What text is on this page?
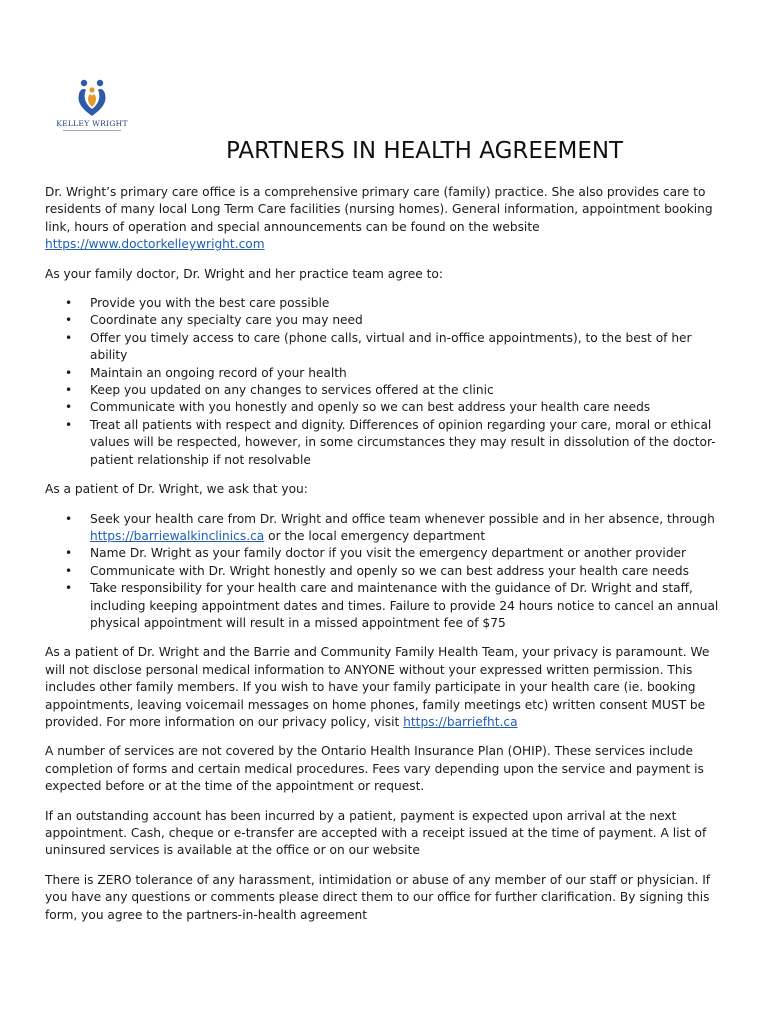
KELLEY WRIGHT
PARTNERS IN HEALTH AGREEMENT

Dr. Wright’s primary care office is a comprehensive primary care (family) practice. She also provides care to residents of many local Long Term Care facilities (nursing homes). General information, appointment booking link, hours of operation and special announcements can be found on the website https://www.doctorkelleywright.com

As your family doctor, Dr. Wright and her practice team agree to:

• Provide you with the best care possible
• Coordinate any specialty care you may need
• Offer you timely access to care (phone calls, virtual and in-office appointments), to the best of her ability
• Maintain an ongoing record of your health
• Keep you updated on any changes to services offered at the clinic
• Communicate with you honestly and openly so we can best address your health care needs
• Treat all patients with respect and dignity. Differences of opinion regarding your care, moral or ethical values will be respected, however, in some circumstances they may result in dissolution of the doctor-patient relationship if not resolvable

As a patient of Dr. Wright, we ask that you:

• Seek your health care from Dr. Wright and office team whenever possible and in her absence, through https://barriewalkinclinics.ca or the local emergency department
• Name Dr. Wright as your family doctor if you visit the emergency department or another provider
• Communicate with Dr. Wright honestly and openly so we can best address your health care needs
• Take responsibility for your health care and maintenance with the guidance of Dr. Wright and staff, including keeping appointment dates and times. Failure to provide 24 hours notice to cancel an annual physical appointment will result in a missed appointment fee of $75

As a patient of Dr. Wright and the Barrie and Community Family Health Team, your privacy is paramount. We will not disclose personal medical information to ANYONE without your expressed written permission. This includes other family members. If you wish to have your family participate in your health care (ie. booking appointments, leaving voicemail messages on home phones, family meetings etc) written consent MUST be provided. For more information on our privacy policy, visit https://barriefht.ca

A number of services are not covered by the Ontario Health Insurance Plan (OHIP). These services include completion of forms and certain medical procedures. Fees vary depending upon the service and payment is expected before or at the time of the appointment or request.

If an outstanding account has been incurred by a patient, payment is expected upon arrival at the next appointment. Cash, cheque or e-transfer are accepted with a receipt issued at the time of payment. A list of uninsured services is available at the office or on our website

There is ZERO tolerance of any harassment, intimidation or abuse of any member of our staff or physician. If you have any questions or comments please direct them to our office for further clarification. By signing this form, you agree to the partners-in-health agreement
